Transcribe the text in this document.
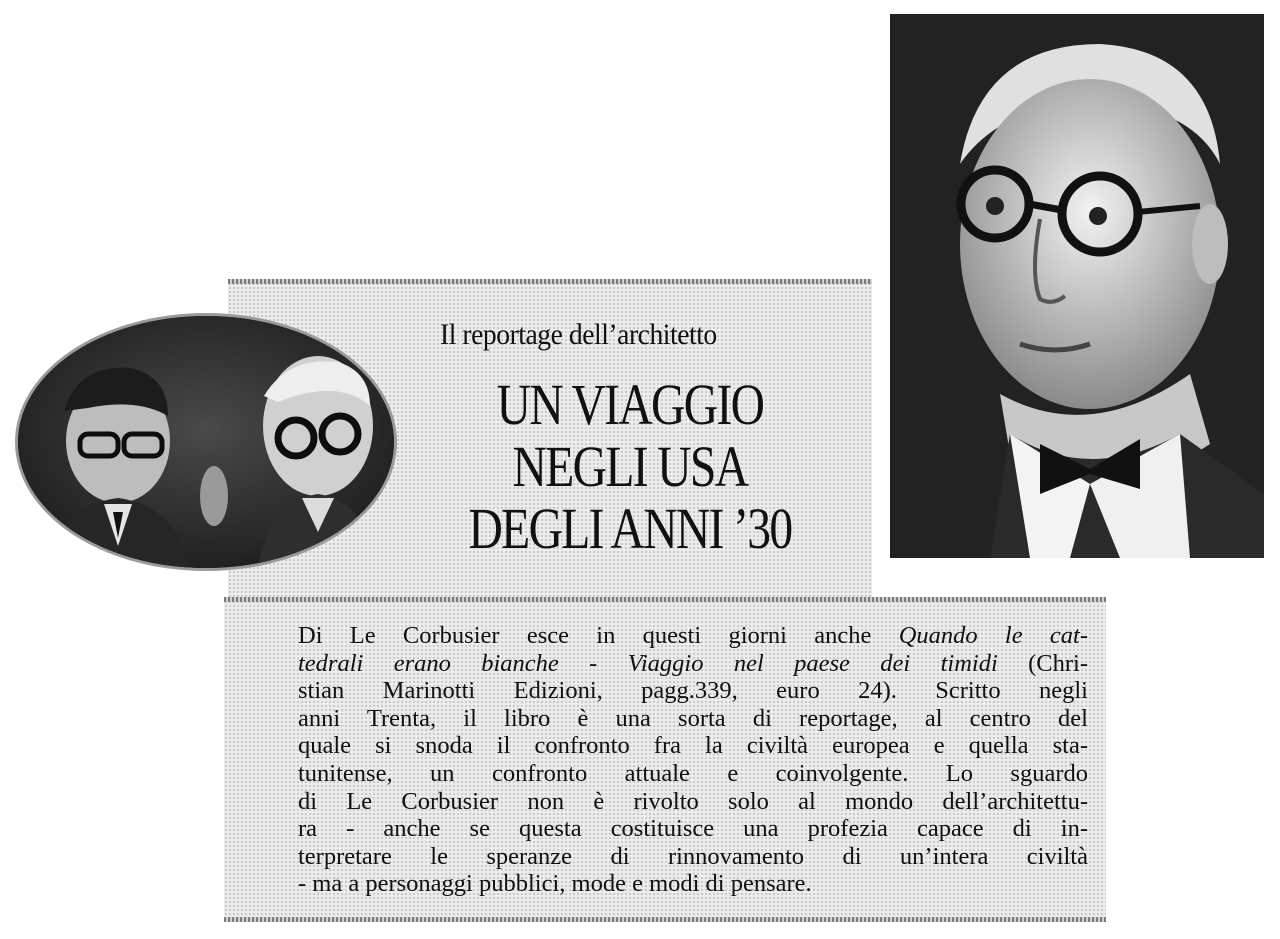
Il reportage dell’architetto
UN VIAGGIO
NEGLI USA
DEGLI ANNI ’30
Di Le Corbusier esce in questi giorni anche Quando le cat-
tedrali erano bianche - Viaggio nel paese dei timidi (Chri-
stian Marinotti Edizioni, pagg.339, euro 24). Scritto negli
anni Trenta, il libro è una sorta di reportage, al centro del
quale si snoda il confronto fra la civiltà europea e quella sta-
tunitense, un confronto attuale e coinvolgente. Lo sguardo
di Le Corbusier non è rivolto solo al mondo dell’architettu-
ra - anche se questa costituisce una profezia capace di in-
terpretare le speranze di rinnovamento di un’intera civiltà
- ma a personaggi pubblici, mode e modi di pensare.
